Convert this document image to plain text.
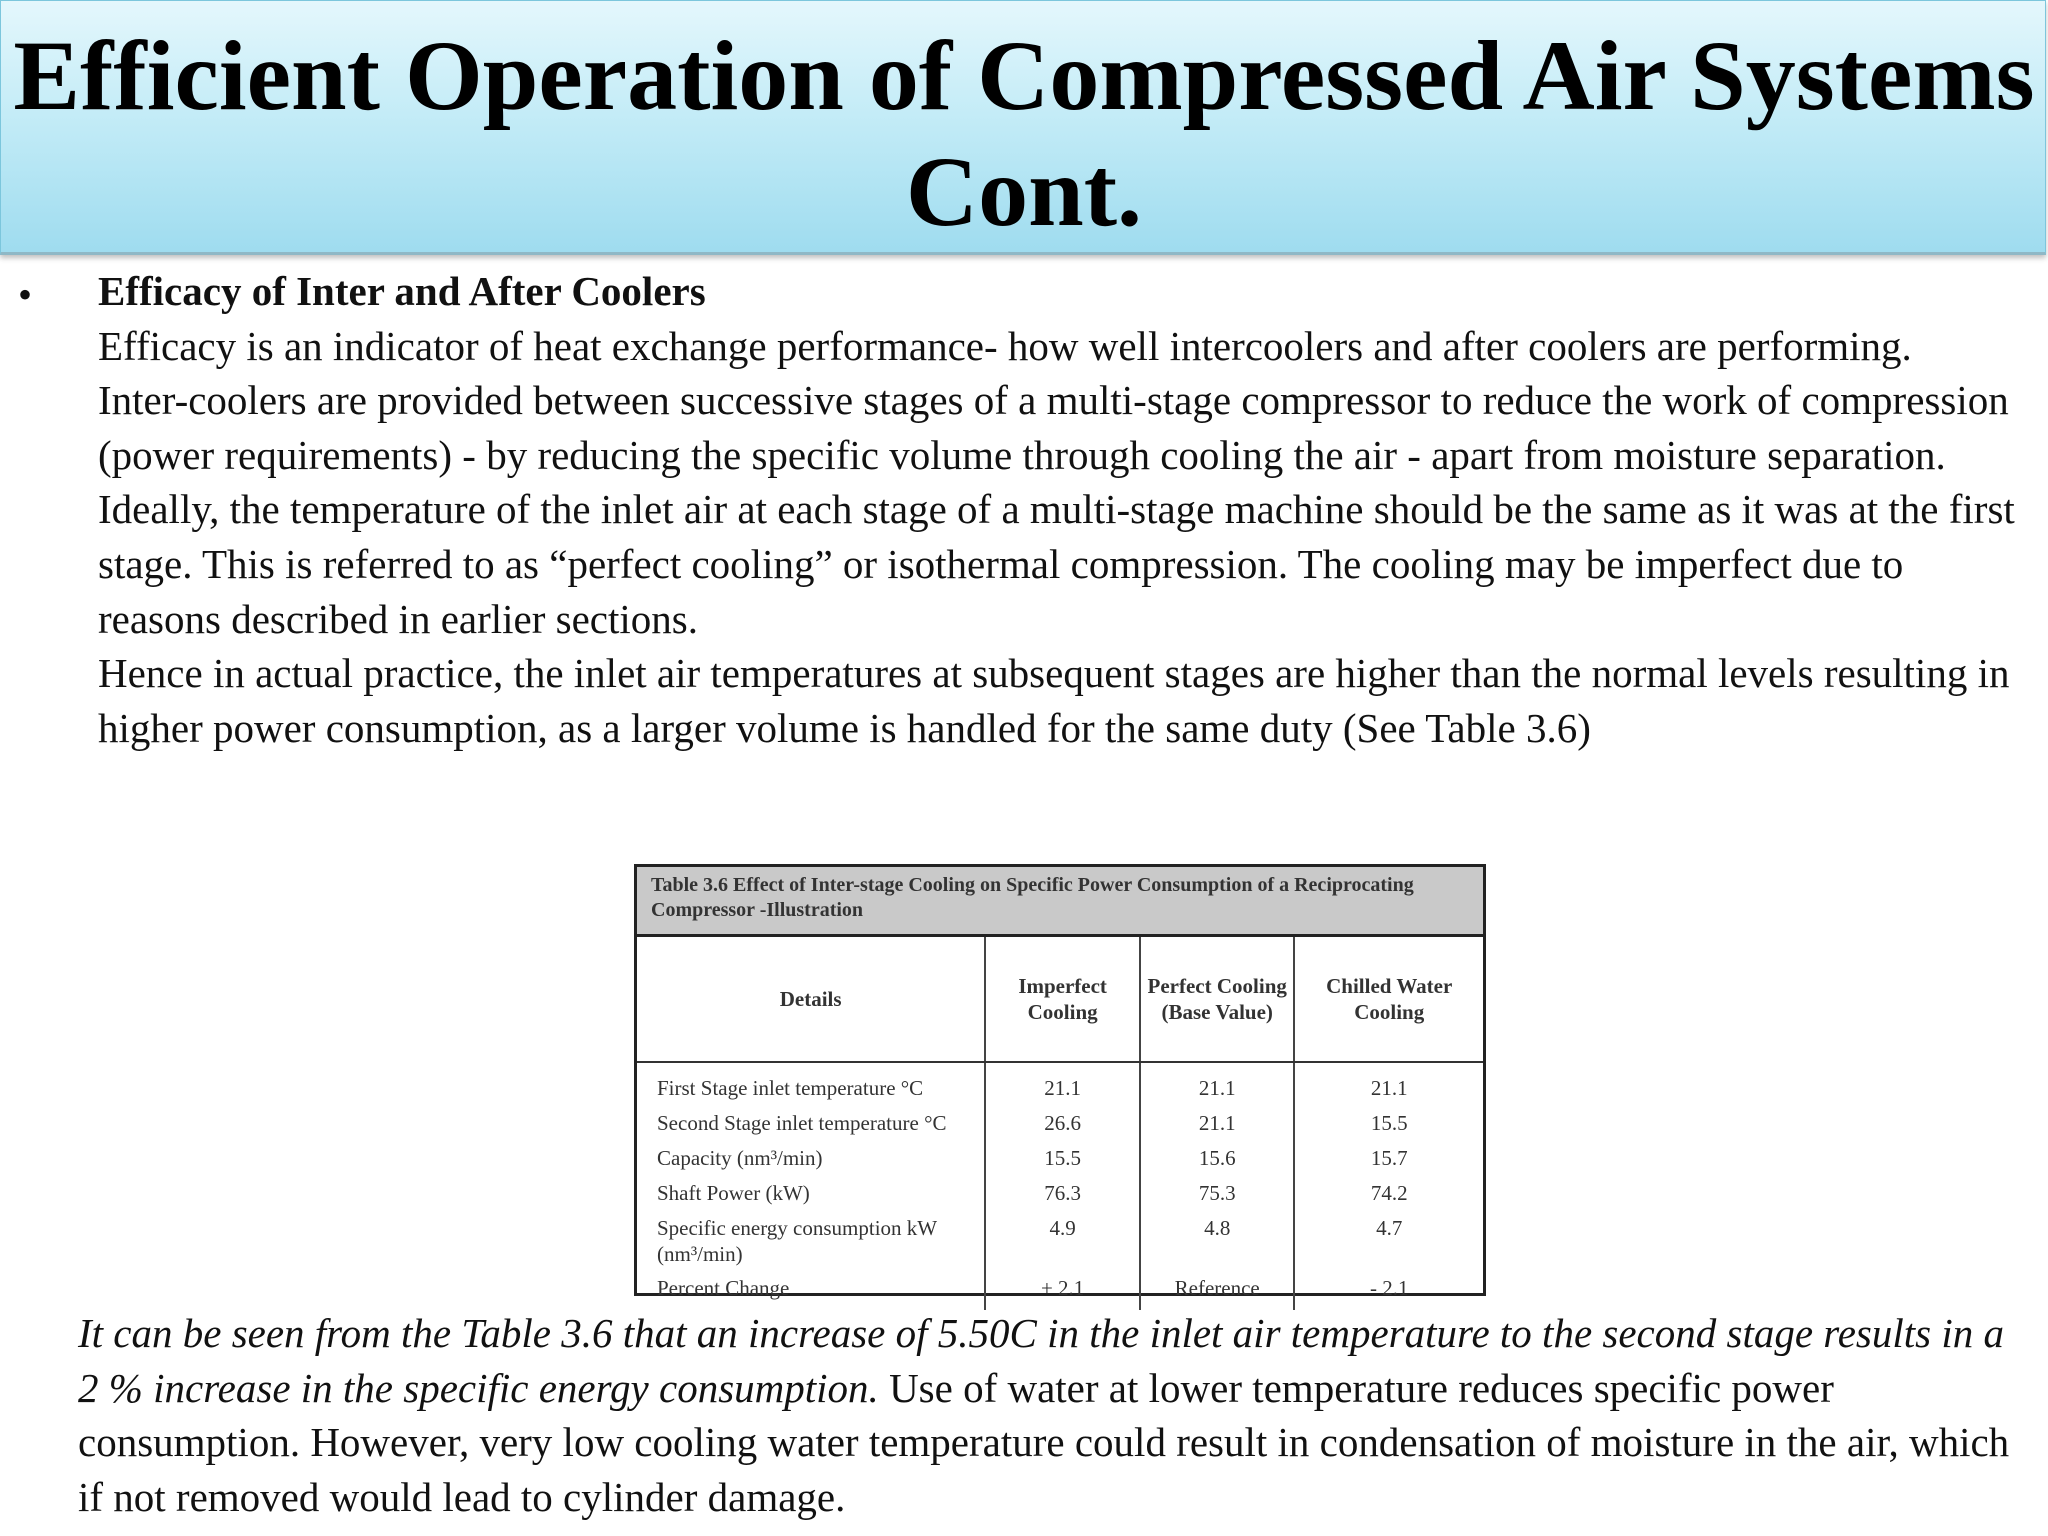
Efficient Operation of Compressed Air Systems Cont.
• Efficacy of Inter and After Coolers
Efficacy is an indicator of heat exchange performance- how well intercoolers and after coolers are performing.
Inter-coolers are provided between successive stages of a multi-stage compressor to reduce the work of compression (power requirements) - by reducing the specific volume through cooling the air - apart from moisture separation.
Ideally, the temperature of the inlet air at each stage of a multi-stage machine should be the same as it was at the first stage. This is referred to as “perfect cooling” or isothermal compression. The cooling may be imperfect due to reasons described in earlier sections.
Hence in actual practice, the inlet air temperatures at subsequent stages are higher than the normal levels resulting in higher power consumption, as a larger volume is handled for the same duty (See Table 3.6)
Table 3.6 Effect of Inter-stage Cooling on Specific Power Consumption of a Reciprocating Compressor -Illustration
Details	Imperfect Cooling	Perfect Cooling (Base Value)	Chilled Water Cooling
First Stage inlet temperature °C	21.1	21.1	21.1
Second Stage inlet temperature °C	26.6	21.1	15.5
Capacity (nm³/min)	15.5	15.6	15.7
Shaft Power (kW)	76.3	75.3	74.2
Specific energy consumption kW (nm³/min)	4.9	4.8	4.7
Percent Change	+ 2.1	Reference	- 2.1
It can be seen from the Table 3.6 that an increase of 5.50C in the inlet air temperature to the second stage results in a 2 % increase in the specific energy consumption. Use of water at lower temperature reduces specific power consumption. However, very low cooling water temperature could result in condensation of moisture in the air, which if not removed would lead to cylinder damage.
